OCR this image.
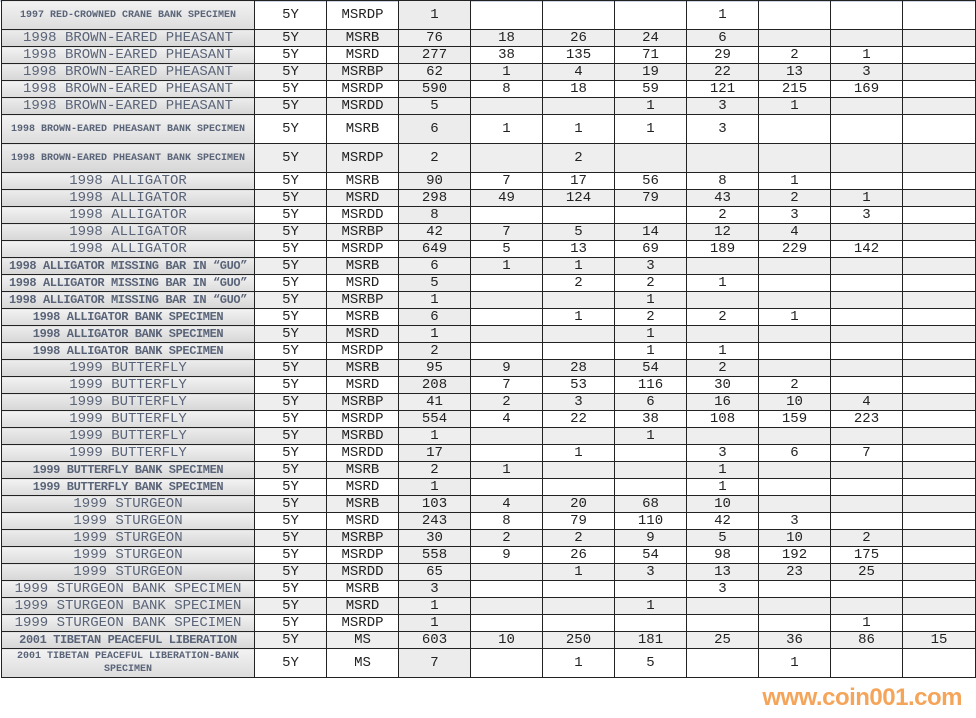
1997 RED-CROWNED CRANE BANK SPECIMEN	5Y	MSRDP	1				1			
1998 BROWN-EARED PHEASANT	5Y	MSRB	76	18	26	24	6			
1998 BROWN-EARED PHEASANT	5Y	MSRD	277	38	135	71	29	2	1	
1998 BROWN-EARED PHEASANT	5Y	MSRBP	62	1	4	19	22	13	3	
1998 BROWN-EARED PHEASANT	5Y	MSRDP	590	8	18	59	121	215	169	
1998 BROWN-EARED PHEASANT	5Y	MSRDD	5			1	3	1		
1998 BROWN-EARED PHEASANT BANK SPECIMEN	5Y	MSRB	6	1	1	1	3			
1998 BROWN-EARED PHEASANT BANK SPECIMEN	5Y	MSRDP	2		2					
1998 ALLIGATOR	5Y	MSRB	90	7	17	56	8	1		
1998 ALLIGATOR	5Y	MSRD	298	49	124	79	43	2	1	
1998 ALLIGATOR	5Y	MSRDD	8				2	3	3	
1998 ALLIGATOR	5Y	MSRBP	42	7	5	14	12	4		
1998 ALLIGATOR	5Y	MSRDP	649	5	13	69	189	229	142	
1998 ALLIGATOR MISSING BAR IN “GUO”	5Y	MSRB	6	1	1	3				
1998 ALLIGATOR MISSING BAR IN “GUO”	5Y	MSRD	5		2	2	1			
1998 ALLIGATOR MISSING BAR IN “GUO”	5Y	MSRBP	1			1				
1998 ALLIGATOR BANK SPECIMEN	5Y	MSRB	6		1	2	2	1		
1998 ALLIGATOR BANK SPECIMEN	5Y	MSRD	1			1				
1998 ALLIGATOR BANK SPECIMEN	5Y	MSRDP	2			1	1			
1999 BUTTERFLY	5Y	MSRB	95	9	28	54	2			
1999 BUTTERFLY	5Y	MSRD	208	7	53	116	30	2		
1999 BUTTERFLY	5Y	MSRBP	41	2	3	6	16	10	4	
1999 BUTTERFLY	5Y	MSRDP	554	4	22	38	108	159	223	
1999 BUTTERFLY	5Y	MSRBD	1			1				
1999 BUTTERFLY	5Y	MSRDD	17		1		3	6	7	
1999 BUTTERFLY BANK SPECIMEN	5Y	MSRB	2	1			1			
1999 BUTTERFLY BANK SPECIMEN	5Y	MSRD	1				1			
1999 STURGEON	5Y	MSRB	103	4	20	68	10			
1999 STURGEON	5Y	MSRD	243	8	79	110	42	3		
1999 STURGEON	5Y	MSRBP	30	2	2	9	5	10	2	
1999 STURGEON	5Y	MSRDP	558	9	26	54	98	192	175	
1999 STURGEON	5Y	MSRDD	65		1	3	13	23	25	
1999 STURGEON BANK SPECIMEN	5Y	MSRB	3				3			
1999 STURGEON BANK SPECIMEN	5Y	MSRD	1			1				
1999 STURGEON BANK SPECIMEN	5Y	MSRDP	1						1	
2001 TIBETAN PEACEFUL LIBERATION	5Y	MS	603	10	250	181	25	36	86	15
2001 TIBETAN PEACEFUL LIBERATION-BANK SPECIMEN	5Y	MS	7		1	5		1		
www.coin001.com
